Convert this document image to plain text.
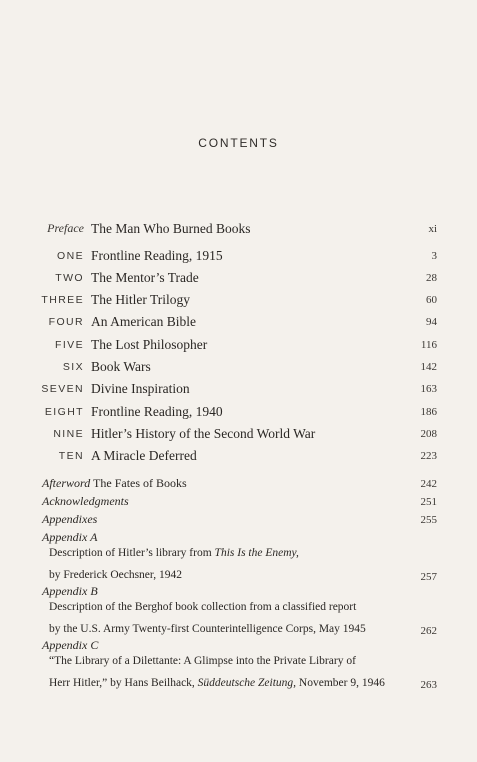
CONTENTS
Preface The Man Who Burned Books	xi
ONE Frontline Reading, 1915	3
TWO The Mentor’s Trade	28
THREE The Hitler Trilogy	60
FOUR An American Bible	94
FIVE The Lost Philosopher	116
SIX Book Wars	142
SEVEN Divine Inspiration	163
EIGHT Frontline Reading, 1940	186
NINE Hitler’s History of the Second World War	208
TEN A Miracle Deferred	223
Afterword The Fates of Books	242
Acknowledgments	251
Appendixes	255
Appendix A
Description of Hitler’s library from This Is the Enemy,
by Frederick Oechsner, 1942	257
Appendix B
Description of the Berghof book collection from a classified report
by the U.S. Army Twenty-first Counterintelligence Corps, May 1945	262
Appendix C
“The Library of a Dilettante: A Glimpse into the Private Library of
Herr Hitler,” by Hans Beilhack, Süddeutsche Zeitung, November 9, 1946	263
